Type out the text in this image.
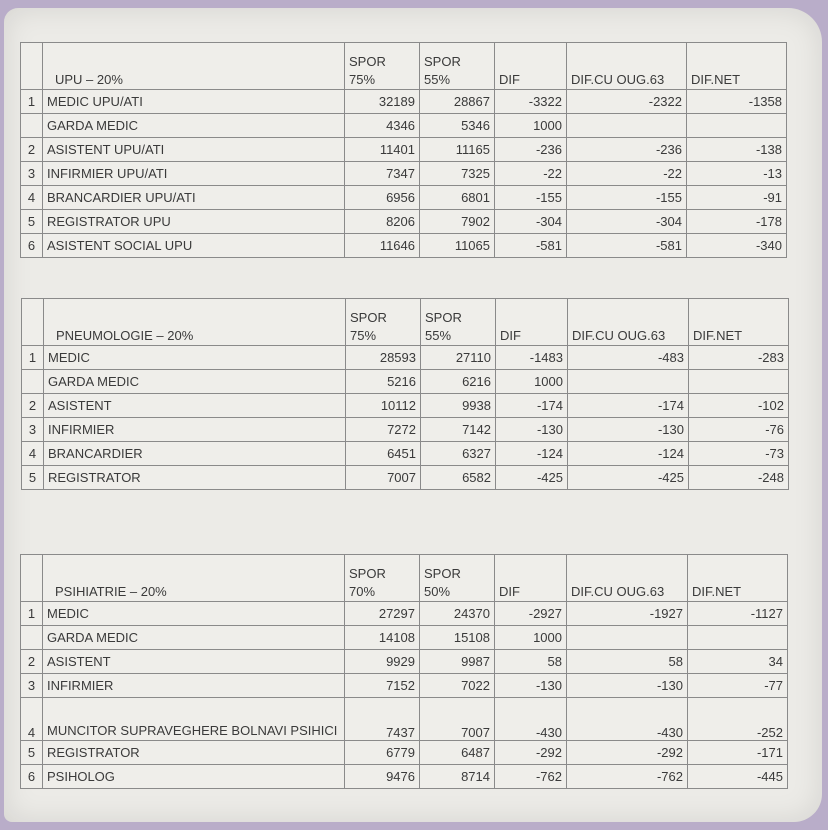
	UPU – 20%	SPOR 75%	SPOR 55%	DIF	DIF.CU OUG.63	DIF.NET
1	MEDIC UPU/ATI	32189	28867	-3322	-2322	-1358
	GARDA MEDIC	4346	5346	1000		
2	ASISTENT UPU/ATI	11401	11165	-236	-236	-138
3	INFIRMIER UPU/ATI	7347	7325	-22	-22	-13
4	BRANCARDIER UPU/ATI	6956	6801	-155	-155	-91
5	REGISTRATOR UPU	8206	7902	-304	-304	-178
6	ASISTENT SOCIAL UPU	11646	11065	-581	-581	-340
	PNEUMOLOGIE – 20%	SPOR 75%	SPOR 55%	DIF	DIF.CU OUG.63	DIF.NET
1	MEDIC	28593	27110	-1483	-483	-283
	GARDA MEDIC	5216	6216	1000		
2	ASISTENT	10112	9938	-174	-174	-102
3	INFIRMIER	7272	7142	-130	-130	-76
4	BRANCARDIER	6451	6327	-124	-124	-73
5	REGISTRATOR	7007	6582	-425	-425	-248
	PSIHIATRIE – 20%	SPOR 70%	SPOR 50%	DIF	DIF.CU OUG.63	DIF.NET
1	MEDIC	27297	24370	-2927	-1927	-1127
	GARDA MEDIC	14108	15108	1000		
2	ASISTENT	9929	9987	58	58	34
3	INFIRMIER	7152	7022	-130	-130	-77
4	MUNCITOR SUPRAVEGHERE BOLNAVI PSIHICI	7437	7007	-430	-430	-252
5	REGISTRATOR	6779	6487	-292	-292	-171
6	PSIHOLOG	9476	8714	-762	-762	-445
